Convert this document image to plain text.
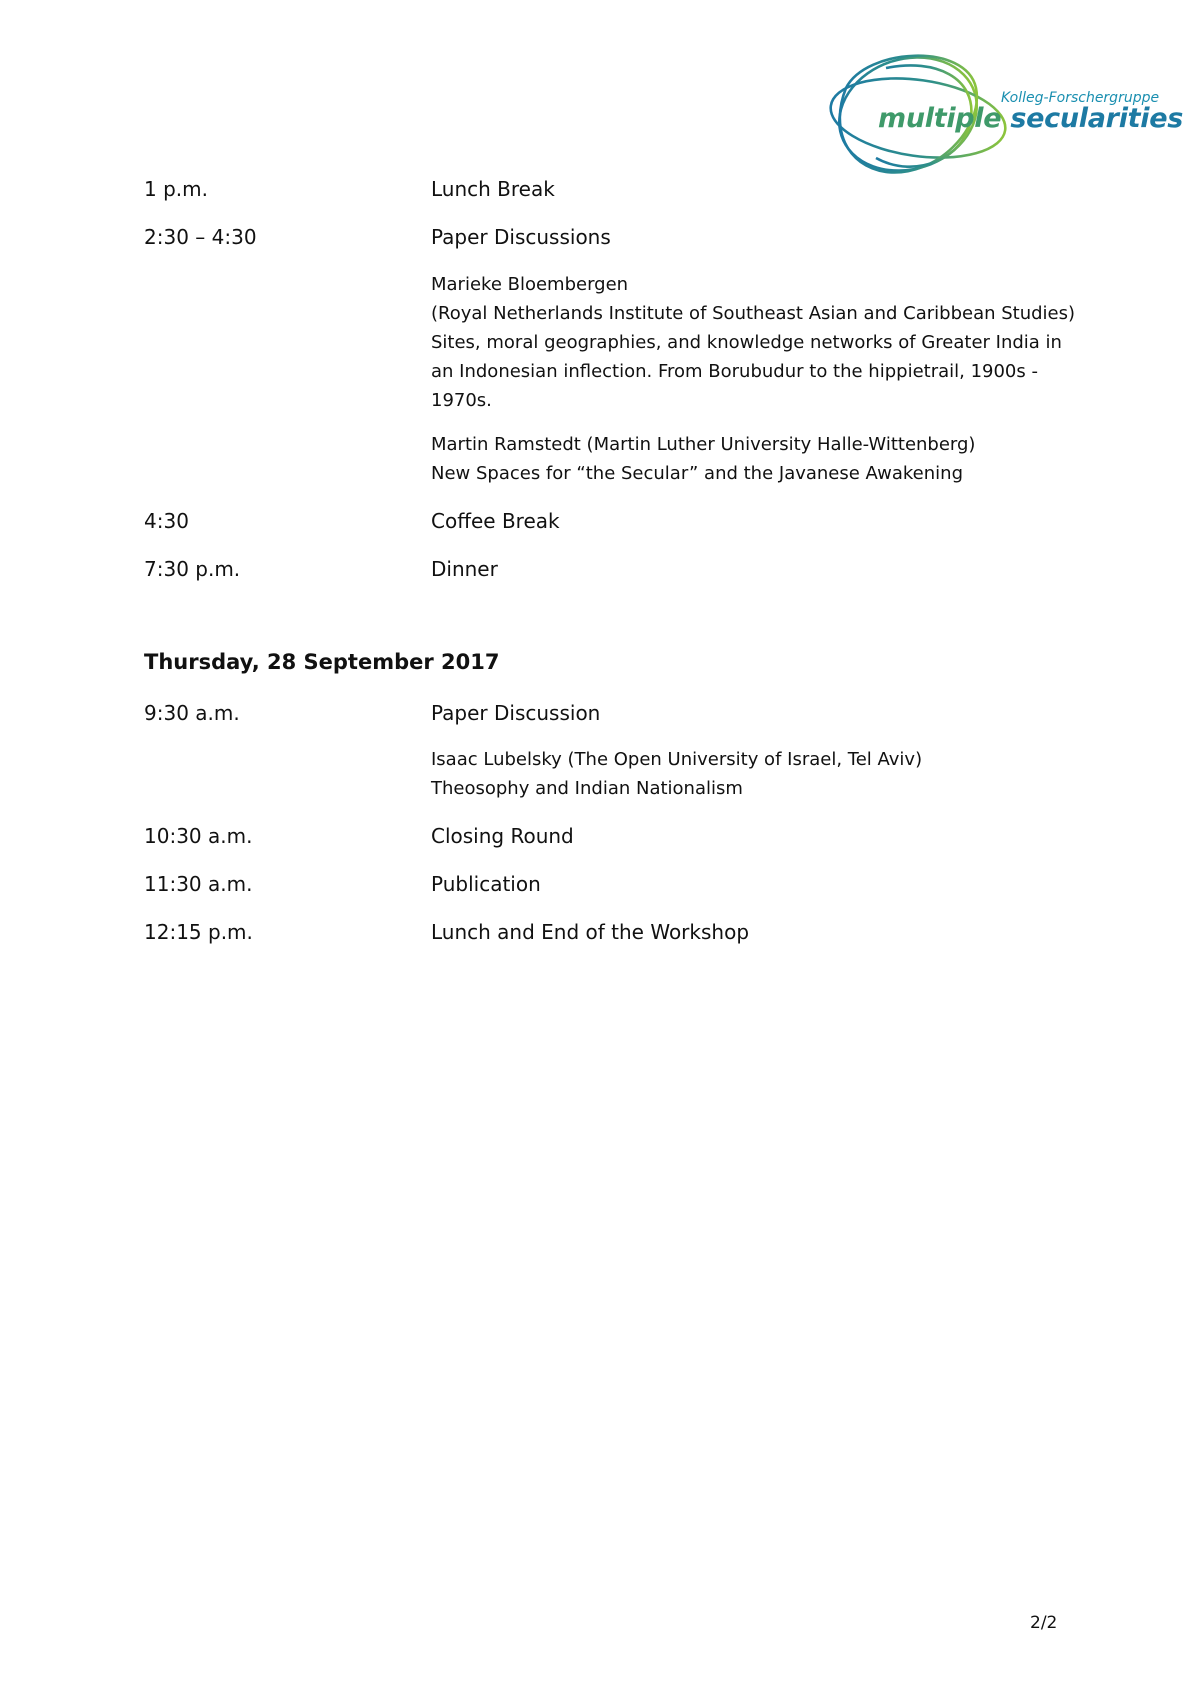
Kolleg-Forschergruppe
multiple secularities
1 p.m.	Lunch Break
2:30 – 4:30	Paper Discussions
Marieke Bloembergen
(Royal Netherlands Institute of Southeast Asian and Caribbean Studies)
Sites, moral geographies, and knowledge networks of Greater India in
an Indonesian inflection. From Borubudur to the hippietrail, 1900s -
1970s.
Martin Ramstedt (Martin Luther University Halle-Wittenberg)
New Spaces for “the Secular” and the Javanese Awakening
4:30	Coffee Break
7:30 p.m.	Dinner
Thursday, 28 September 2017
9:30 a.m.	Paper Discussion
Isaac Lubelsky (The Open University of Israel, Tel Aviv)
Theosophy and Indian Nationalism
10:30 a.m.	Closing Round
11:30 a.m.	Publication
12:15 p.m.	Lunch and End of the Workshop
2/2
